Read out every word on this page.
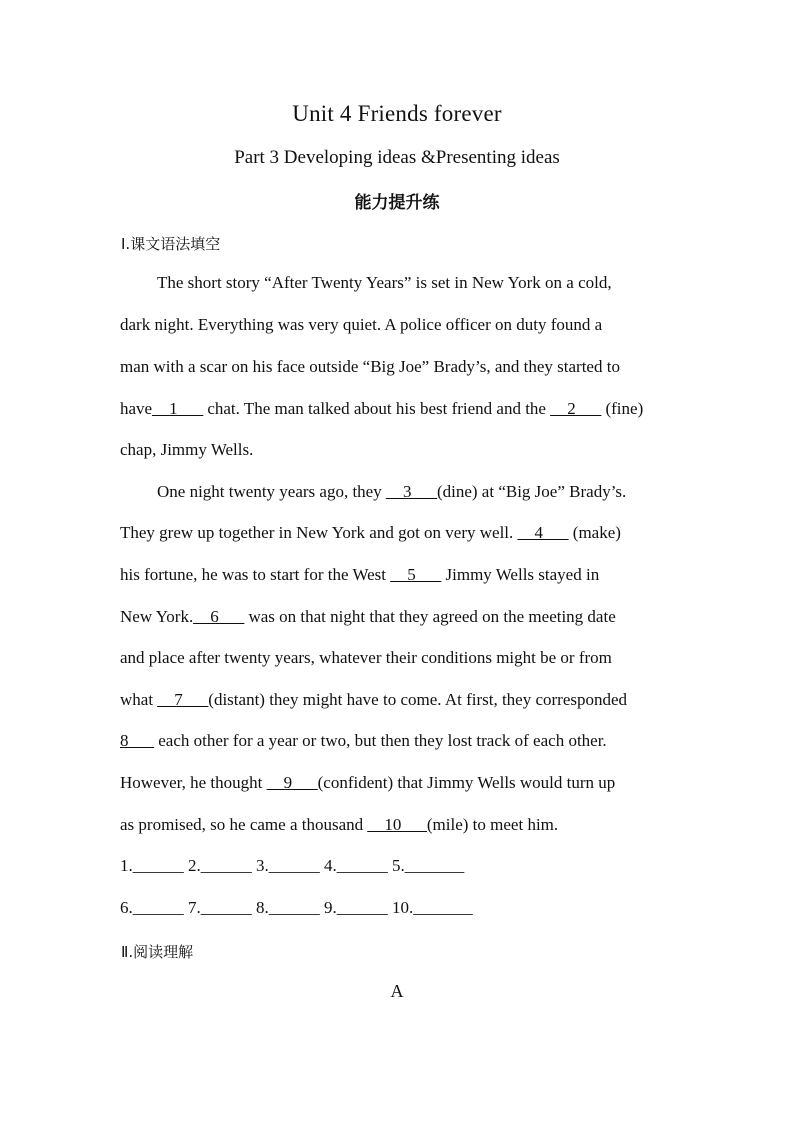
Unit 4 Friends forever
Part 3 Developing ideas &Presenting ideas
能力提升练
Ⅰ.课文语法填空
The short story “After Twenty Years” is set in New York on a cold,
dark night. Everything was very quiet. A police officer on duty found a
man with a scar on his face outside “Big Joe” Brady’s, and they started to
have__1___ chat. The man talked about his best friend and the __2___ (fine)
chap, Jimmy Wells.
One night twenty years ago, they __3___(dine) at “Big Joe” Brady’s.
They grew up together in New York and got on very well. __4___ (make)
his fortune, he was to start for the West __5___ Jimmy Wells stayed in
New York.__6___ was on that night that they agreed on the meeting date
and place after twenty years, whatever their conditions might be or from
what __7___(distant) they might have to come. At first, they corresponded
8___ each other for a year or two, but then they lost track of each other.
However, he thought __9___(confident) that Jimmy Wells would turn up
as promised, so he came a thousand __10___(mile) to meet him.
1.______ 2.______ 3.______ 4.______ 5._______
6.______ 7.______ 8.______ 9.______ 10._______
Ⅱ.阅读理解
A
